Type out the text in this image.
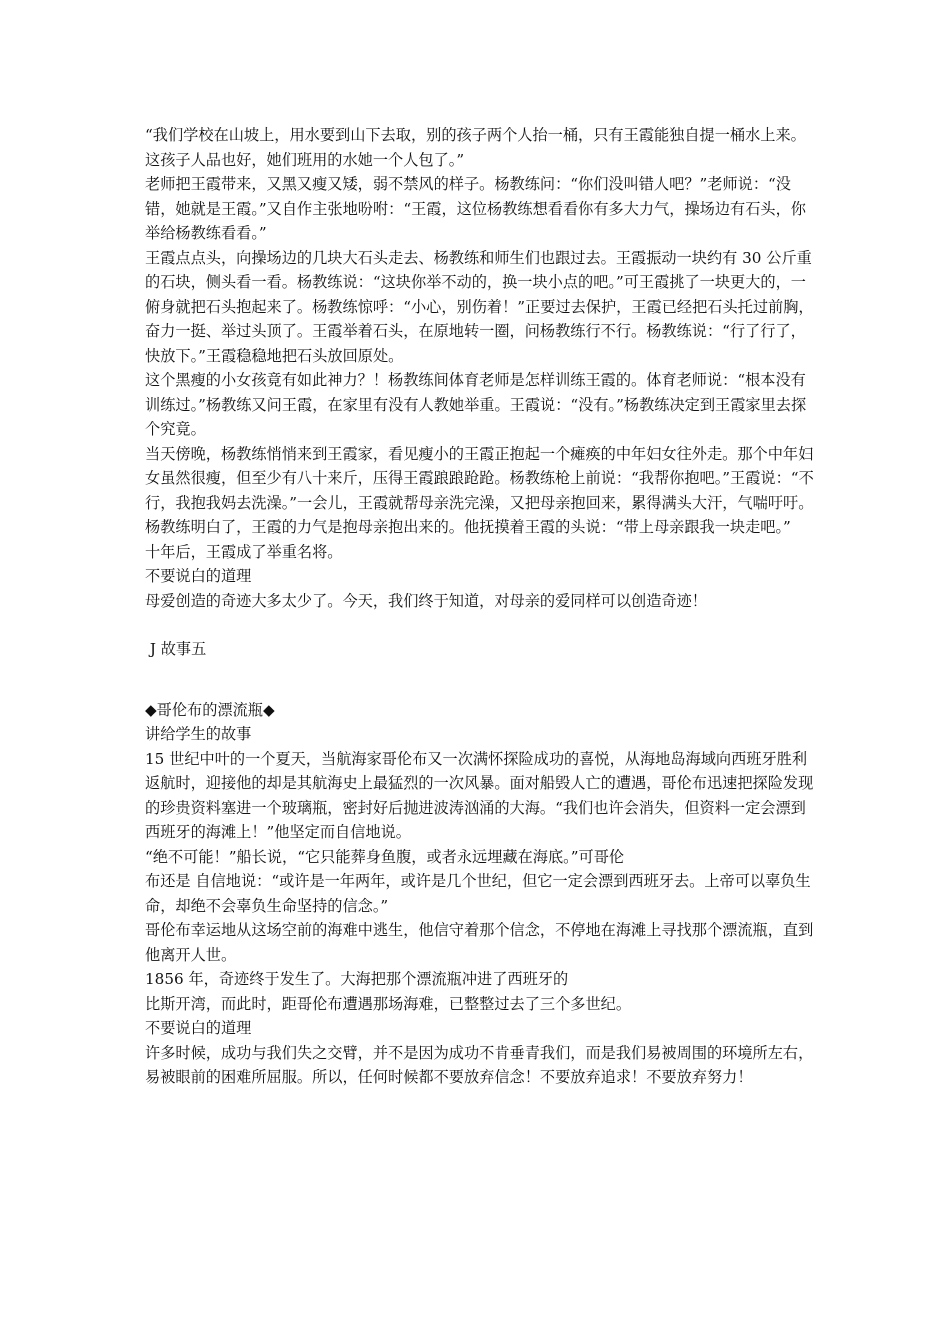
“我们学校在山坡上，用水要到山下去取，别的孩子两个人抬一桶，只有王霞能独自提一桶水上来。这孩子人品也好，她们班用的水她一个人包了。”

老师把王霞带来，又黑又瘦又矮，弱不禁风的样子。杨教练问：“你们没叫错人吧？”老师说：“没错，她就是王霞。”又自作主张地吩咐：“王霞，这位杨教练想看看你有多大力气，操场边有石头，你举给杨教练看看。”

王霞点点头，向操场边的几块大石头走去、杨教练和师生们也跟过去。王霞振动一块约有 30 公斤重的石块，侧头看一看。杨教练说：“这块你举不动的，换一块小点的吧。”可王霞挑了一块更大的，一俯身就把石头抱起来了。杨教练惊呼：“小心，别伤着！”正要过去保护，王霞已经把石头托过前胸，奋力一挺、举过头顶了。王霞举着石头，在原地转一圈，问杨教练行不行。杨教练说：“行了行了，快放下。”王霞稳稳地把石头放回原处。

这个黑瘦的小女孩竟有如此神力？！杨教练间体育老师是怎样训练王霞的。体育老师说：“根本没有训练过。”杨教练又问王霞，在家里有没有人教她举重。王霞说：“没有。”杨教练决定到王霞家里去探个究竟。

当天傍晚，杨教练悄悄来到王霞家，看见瘦小的王霞正抱起一个瘫痪的中年妇女往外走。那个中年妇女虽然很瘦，但至少有八十来斤，压得王霞踉踉跄跄。杨教练枪上前说：“我帮你抱吧。”王霞说：“不行，我抱我妈去洗澡。”一会儿，王霞就帮母亲洗完澡，又把母亲抱回来，累得满头大汗，气喘吁吁。

杨教练明白了，王霞的力气是抱母亲抱出来的。他抚摸着王霞的头说：“带上母亲跟我一块走吧。”

十年后，王霞成了举重名将。

不要说白的道理

母爱创造的奇迹大多太少了。今天，我们终于知道，对母亲的爱同样可以创造奇迹！

J 故事五

◆哥伦布的漂流瓶◆

讲给学生的故事

15 世纪中叶的一个夏天，当航海家哥伦布又一次满怀探险成功的喜悦，从海地岛海域向西班牙胜利返航时，迎接他的却是其航海史上最猛烈的一次风暴。面对船毁人亡的遭遇，哥伦布迅速把探险发现的珍贵资料塞进一个玻璃瓶，密封好后抛进波涛汹涌的大海。“我们也许会消失，但资料一定会漂到西班牙的海滩上！”他坚定而自信地说。

“绝不可能！”船长说，“它只能葬身鱼腹，或者永远埋藏在海底。”可哥伦

布还是 自信地说：“或许是一年两年，或许是几个世纪，但它一定会漂到西班牙去。上帝可以辜负生命，却绝不会辜负生命坚持的信念。”

哥伦布幸运地从这场空前的海难中逃生，他信守着那个信念，不停地在海滩上寻找那个漂流瓶，直到他离开人世。

1856 年，奇迹终于发生了。大海把那个漂流瓶冲进了西班牙的

比斯开湾，而此时，距哥伦布遭遇那场海难，已整整过去了三个多世纪。

不要说白的道理

许多时候，成功与我们失之交臂，并不是因为成功不肯垂青我们，而是我们易被周围的环境所左右，易被眼前的困难所屈服。所以，任何时候都不要放弃信念！不要放弃追求！不要放弃努力！
